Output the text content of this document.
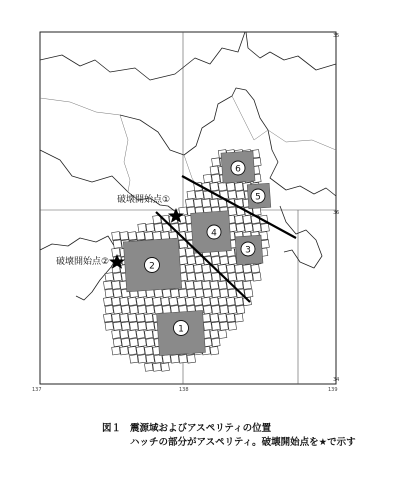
2
4
1
3
5
6
破壊開始点①
破壊開始点②
137	138	139
35
36
34
図１ 震源域およびアスペリティの位置
ハッチの部分がアスペリティ。破壊開始点を★で示す
